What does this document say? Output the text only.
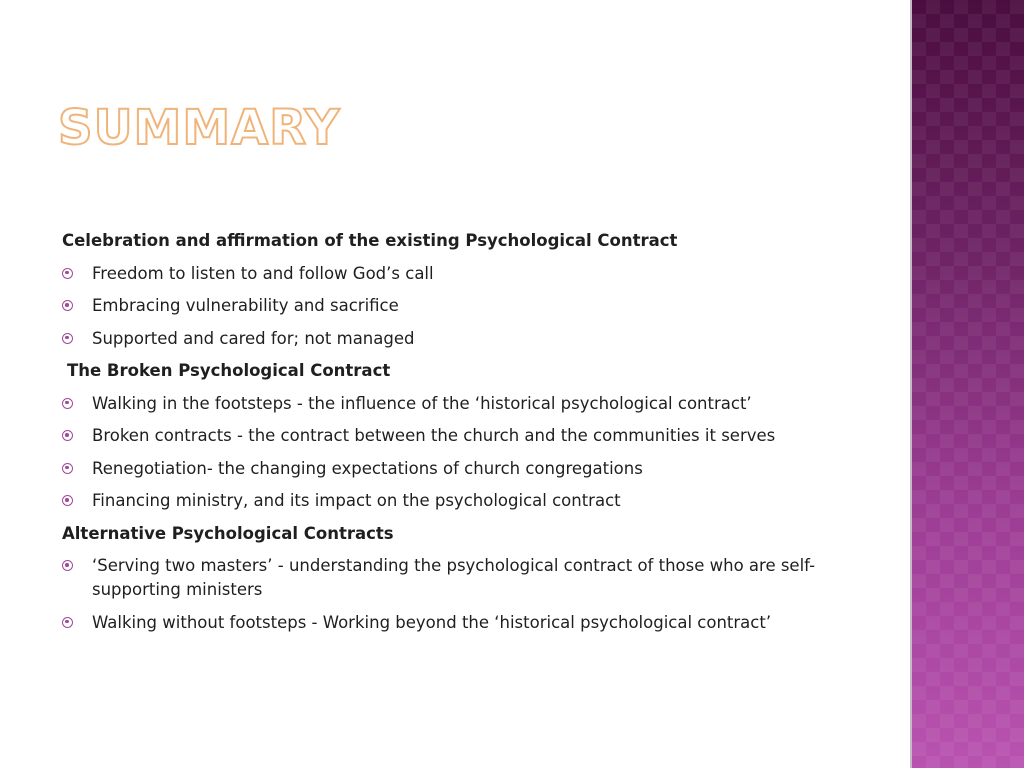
SUMMARY
Celebration and affirmation of the existing Psychological Contract
Freedom to listen to and follow God’s call
Embracing vulnerability and sacrifice
Supported and cared for; not managed
The Broken Psychological Contract
Walking in the footsteps - the influence of the ‘historical psychological contract’
Broken contracts - the contract between the church and the communities it serves
Renegotiation- the changing expectations of church congregations
Financing ministry, and its impact on the psychological contract
Alternative Psychological Contracts
‘Serving two masters’ - understanding the psychological contract of those who are self-supporting ministers
Walking without footsteps - Working beyond the ‘historical psychological contract’
